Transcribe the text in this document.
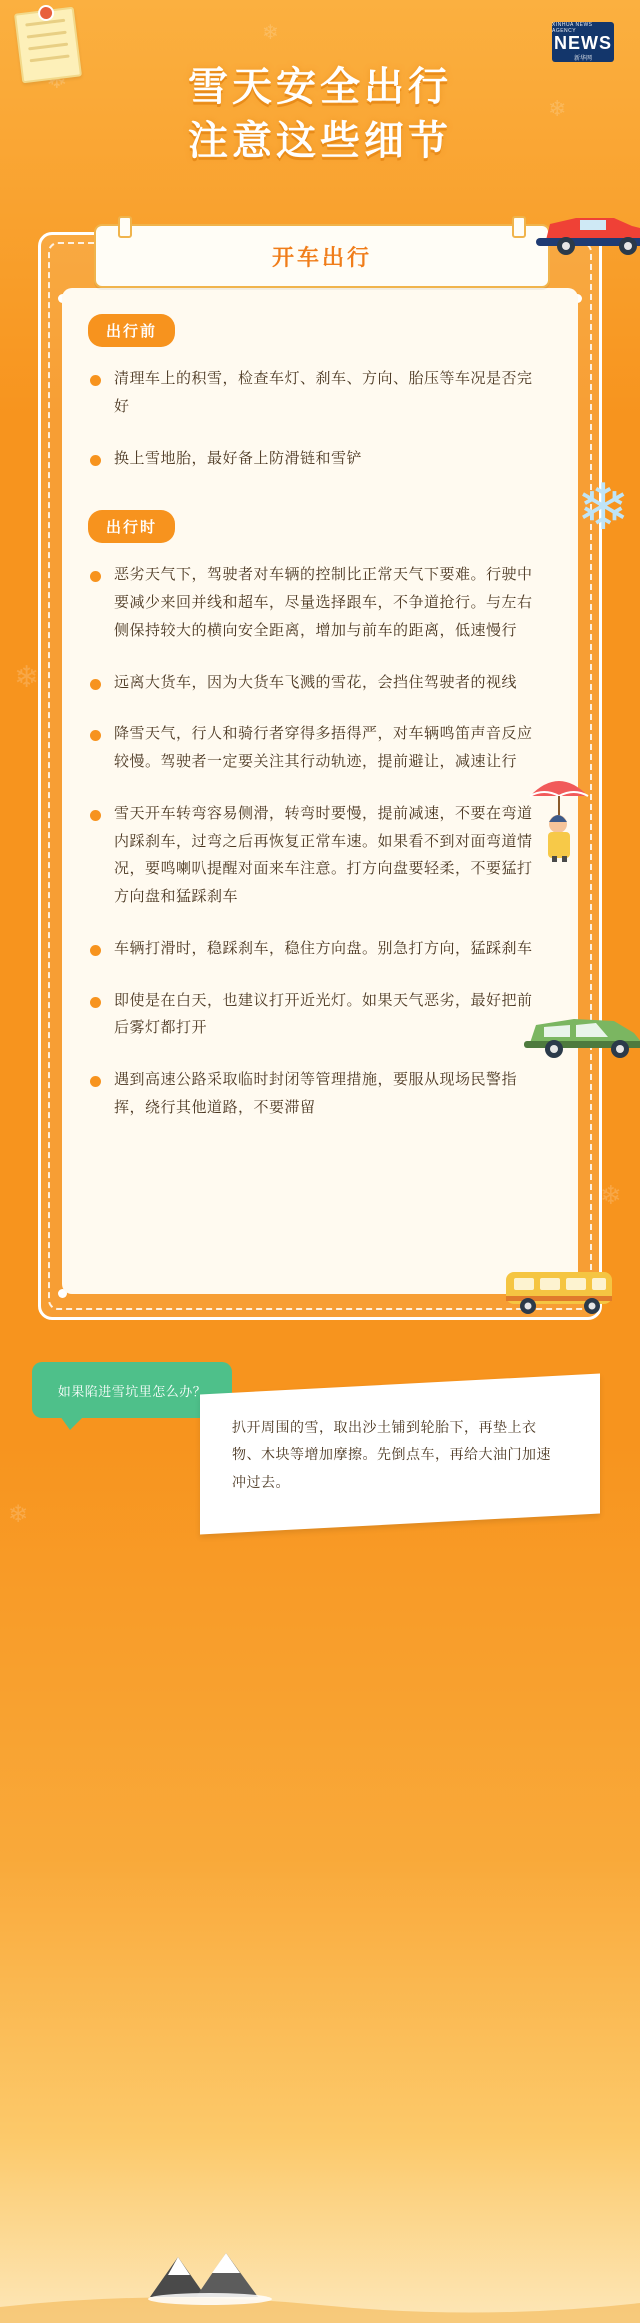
❄
❄
❄
❄
❄
XINHUA NEWS AGENCY
NEWS
新华网
雪天安全出行
注意这些细节
出行前
清理车上的积雪，检查车灯、刹车、方向、胎压等车况是否完好
换上雪地胎，最好备上防滑链和雪铲
出行时
恶劣天气下，驾驶者对车辆的控制比正常天气下要难。行驶中要减少来回并线和超车，尽量选择跟车，不争道抢行。与左右侧保持较大的横向安全距离，增加与前车的距离，低速慢行
远离大货车，因为大货车飞溅的雪花，会挡住驾驶者的视线
降雪天气，行人和骑行者穿得多捂得严，对车辆鸣笛声音反应较慢。驾驶者一定要关注其行动轨迹，提前避让，减速让行
雪天开车转弯容易侧滑，转弯时要慢，提前减速，不要在弯道内踩刹车，过弯之后再恢复正常车速。如果看不到对面弯道情况，要鸣喇叭提醒对面来车注意。打方向盘要轻柔，不要猛打方向盘和猛踩刹车
车辆打滑时，稳踩刹车，稳住方向盘。别急打方向，猛踩刹车
即使是在白天，也建议打开近光灯。如果天气恶劣，最好把前后雾灯都打开
遇到高速公路采取临时封闭等管理措施，要服从现场民警指挥，绕行其他道路，不要滞留
开车出行
❄
如果陷进雪坑里怎么办？
扒开周围的雪，取出沙土铺到轮胎下，再垫上衣物、木块等增加摩擦。先倒点车，再给大油门加速冲过去。
